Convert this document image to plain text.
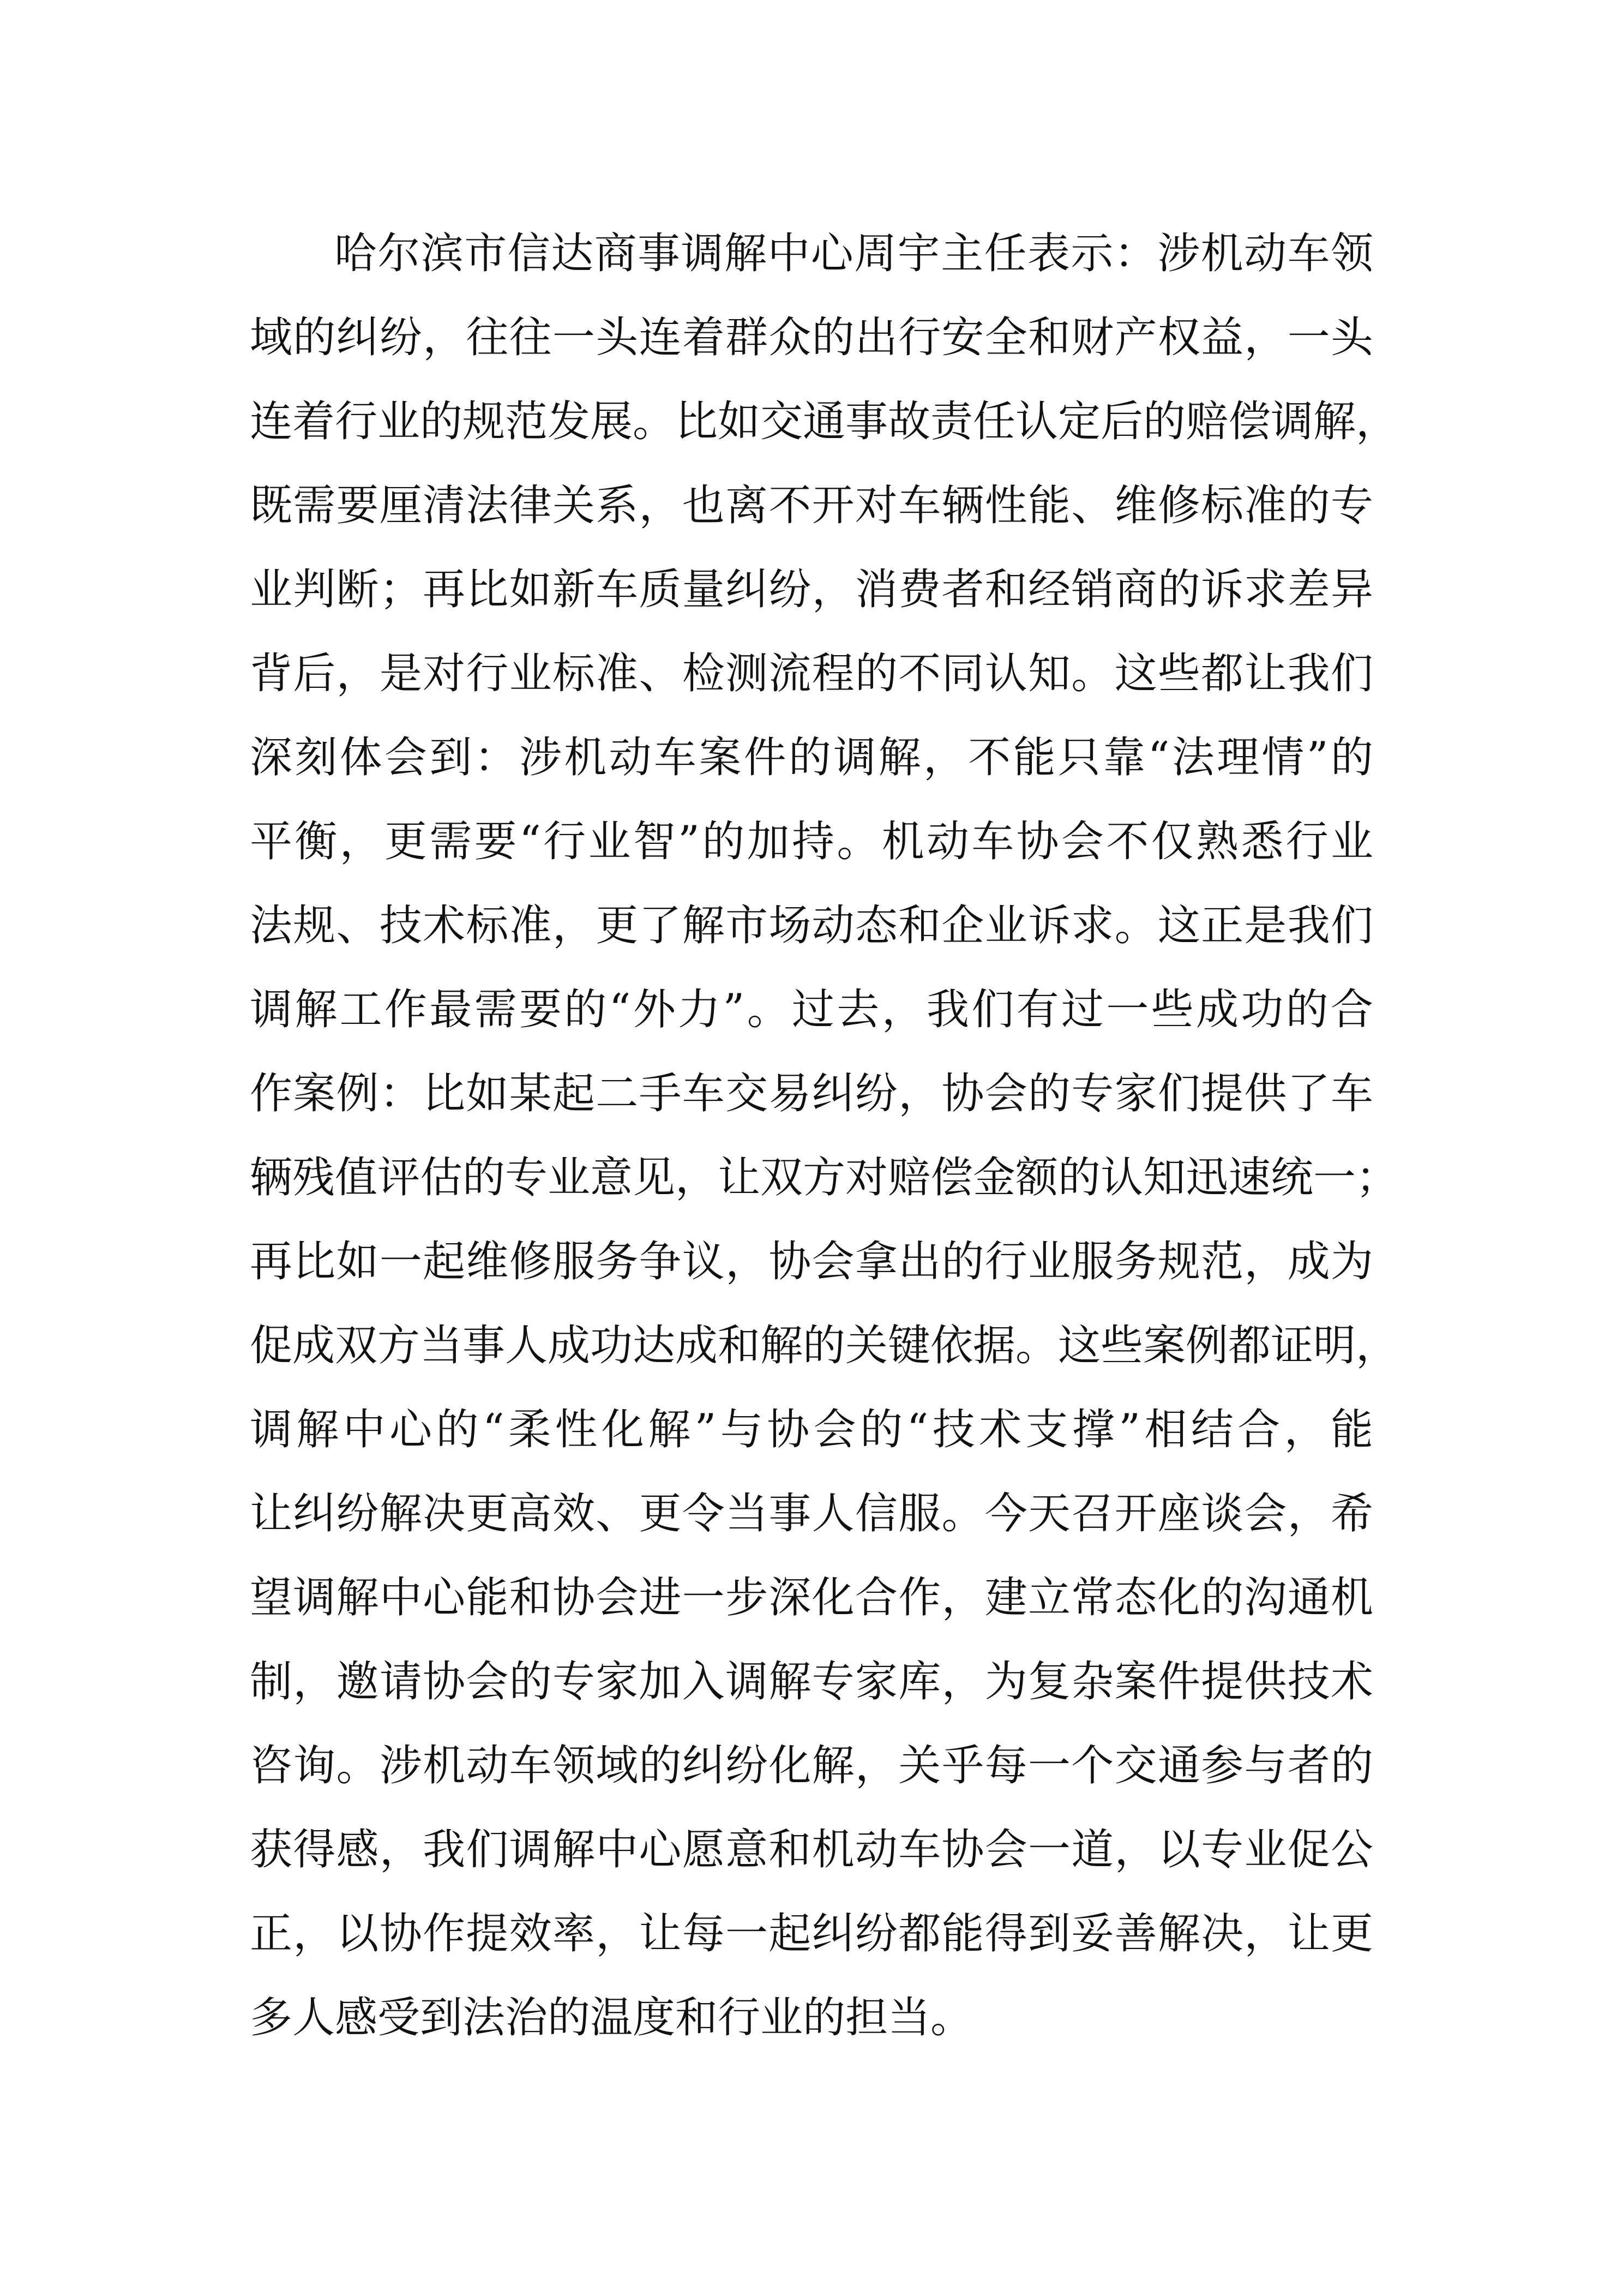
哈尔滨市信达商事调解中心周宇主任表示：涉机动车领
域的纠纷，往往一头连着群众的出行安全和财产权益，一头
连着行业的规范发展。比如交通事故责任认定后的赔偿调解，
既需要厘清法律关系，也离不开对车辆性能、维修标准的专
业判断；再比如新车质量纠纷，消费者和经销商的诉求差异
背后，是对行业标准、检测流程的不同认知。这些都让我们
深刻体会到：涉机动车案件的调解，不能只靠“法理情”的
平衡，更需要“行业智”的加持。机动车协会不仅熟悉行业
法规、技术标准，更了解市场动态和企业诉求。这正是我们
调解工作最需要的“外力”。过去，我们有过一些成功的合
作案例：比如某起二手车交易纠纷，协会的专家们提供了车
辆残值评估的专业意见，让双方对赔偿金额的认知迅速统一；
再比如一起维修服务争议，协会拿出的行业服务规范，成为
促成双方当事人成功达成和解的关键依据。这些案例都证明，
调解中心的“柔性化解”与协会的“技术支撑”相结合，能
让纠纷解决更高效、更令当事人信服。今天召开座谈会，希
望调解中心能和协会进一步深化合作，建立常态化的沟通机
制，邀请协会的专家加入调解专家库，为复杂案件提供技术
咨询。涉机动车领域的纠纷化解，关乎每一个交通参与者的
获得感，我们调解中心愿意和机动车协会一道，以专业促公
正，以协作提效率，让每一起纠纷都能得到妥善解决，让更
多人感受到法治的温度和行业的担当。
